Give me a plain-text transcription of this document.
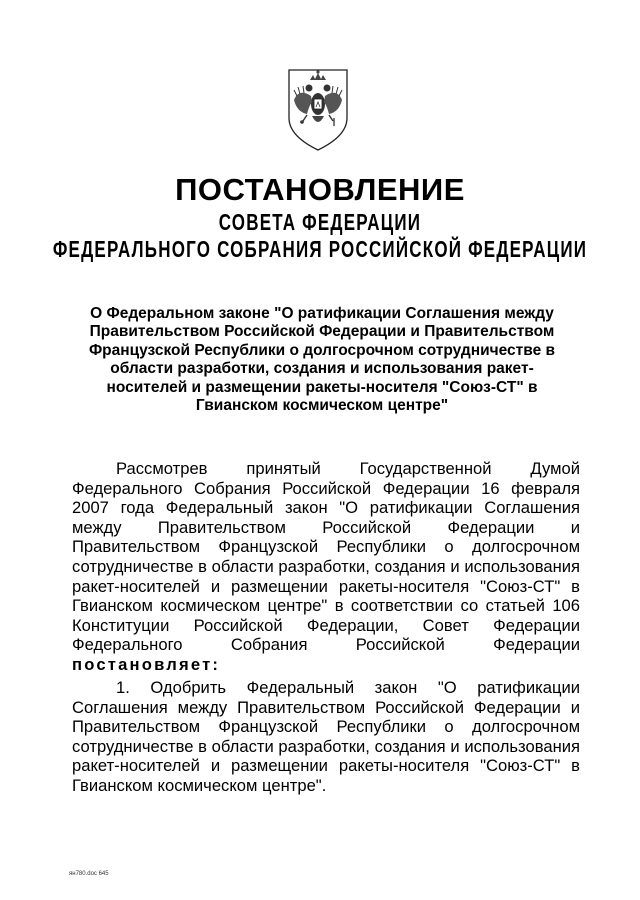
ПОСТАНОВЛЕНИЕ
СОВЕТА ФЕДЕРАЦИИ
ФЕДЕРАЛЬНОГО СОБРАНИЯ РОССИЙСКОЙ ФЕДЕРАЦИИ
О Федеральном законе "О ратификации Соглашения между Правительством Российской Федерации и Правительством Французской Республики о долгосрочном сотрудничестве в области разработки, создания и использования ракет-носителей и размещении ракеты-носителя "Союз-СТ" в Гвианском космическом центре"
Рассмотрев принятый Государственной Думой Федерального Собрания Российской Федерации 16 февраля 2007 года Федеральный закон "О ратификации Соглашения между Правительством Российской Федерации и Правительством Французской Республики о долгосрочном сотрудничестве в области разработки, создания и использования ракет-носителей и размещении ракеты-носителя "Союз-СТ" в Гвианском космическом центре" в соответствии со статьей 106 Конституции Российской Федерации, Совет Федерации Федерального Собрания Российской Федерации постановляет:
1. Одобрить Федеральный закон "О ратификации Соглашения между Правительством Российской Федерации и Правительством Французской Республики о долгосрочном сотрудничестве в области разработки, создания и использования ракет-носителей и размещении ракеты-носителя "Союз-СТ" в Гвианском космическом центре".
ян780.doc 645
